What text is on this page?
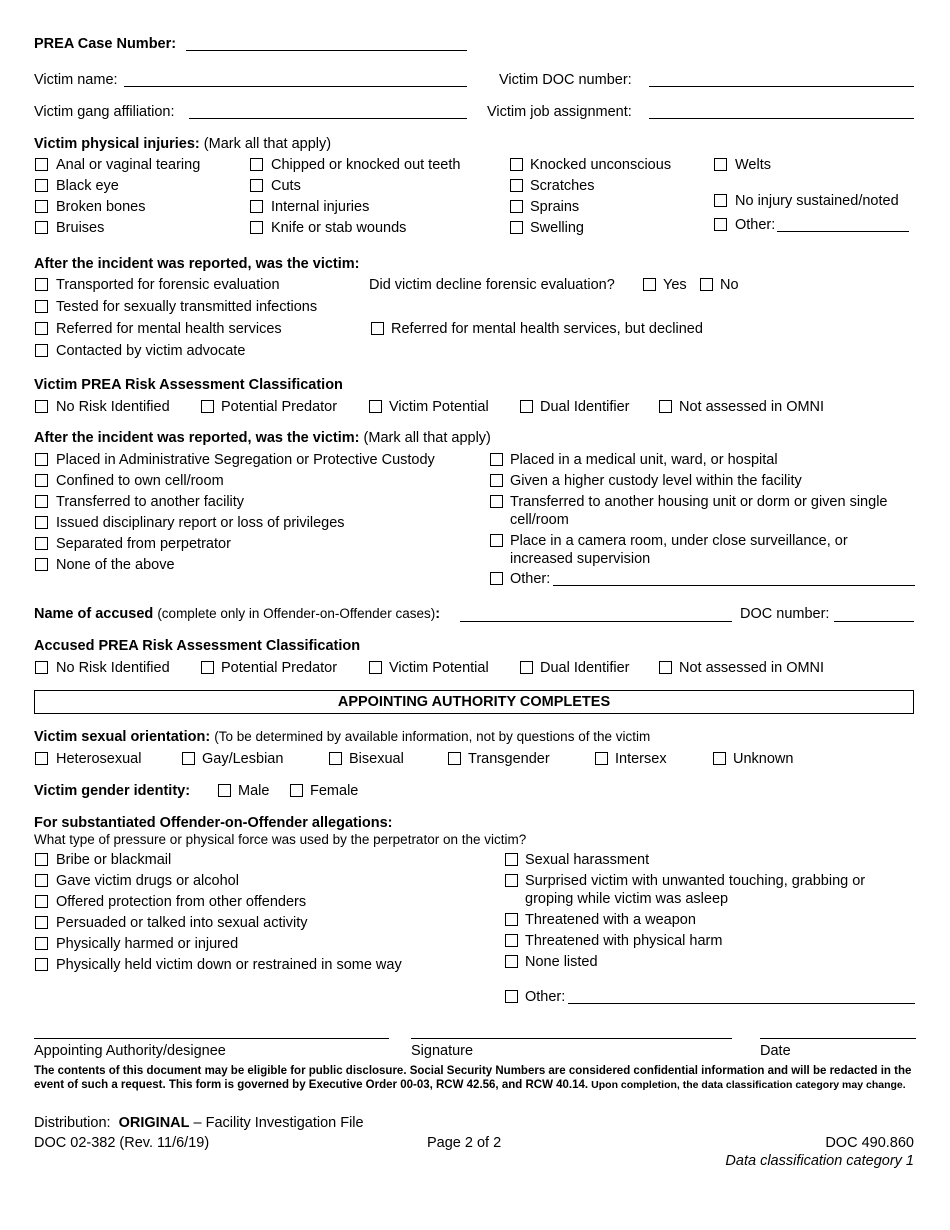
PREA Case Number:
Victim name:	Victim DOC number:
Victim gang affiliation:	Victim job assignment:
Victim physical injuries: (Mark all that apply)
Anal or vaginal tearing
Black eye
Broken bones
Bruises
Chipped or knocked out teeth
Cuts
Internal injuries
Knife or stab wounds
Knocked unconscious
Scratches
Sprains
Swelling
Welts
No injury sustained/noted
Other:
After the incident was reported, was the victim:
Transported for forensic evaluation
Tested for sexually transmitted infections
Referred for mental health services
Contacted by victim advocate
Did victim decline forensic evaluation?	Yes No
Referred for mental health services, but declined
Victim PREA Risk Assessment Classification
No Risk Identified	Potential Predator	Victim Potential	Dual Identifier	Not assessed in OMNI
After the incident was reported, was the victim: (Mark all that apply)
Placed in Administrative Segregation or Protective Custody
Confined to own cell/room
Transferred to another facility
Issued disciplinary report or loss of privileges
Separated from perpetrator
None of the above
Placed in a medical unit, ward, or hospital
Given a higher custody level within the facility
Transferred to another housing unit or dorm or given single
cell/room
Place in a camera room, under close surveillance, or
increased supervision
Other:
Name of accused (complete only in Offender-on-Offender cases):	DOC number:
Accused PREA Risk Assessment Classification
No Risk Identified	Potential Predator	Victim Potential	Dual Identifier	Not assessed in OMNI
APPOINTING AUTHORITY COMPLETES
Victim sexual orientation: (To be determined by available information, not by questions of the victim
Heterosexual	Gay/Lesbian	Bisexual	Transgender	Intersex	Unknown
Victim gender identity:	Male	Female
For substantiated Offender-on-Offender allegations:
What type of pressure or physical force was used by the perpetrator on the victim?
Bribe or blackmail
Gave victim drugs or alcohol
Offered protection from other offenders
Persuaded or talked into sexual activity
Physically harmed or injured
Physically held victim down or restrained in some way
Sexual harassment
Surprised victim with unwanted touching, grabbing or
groping while victim was asleep
Threatened with a weapon
Threatened with physical harm
None listed
Other:
Appointing Authority/designee	Signature	Date
The contents of this document may be eligible for public disclosure. Social Security Numbers are considered confidential information and will be redacted in the event of such a request. This form is governed by Executive Order 00-03, RCW 42.56, and RCW 40.14. Upon completion, the data classification category may change.
Distribution: ORIGINAL – Facility Investigation File
DOC 02-382 (Rev. 11/6/19)	Page 2 of 2	DOC 490.860
Data classification category 1
